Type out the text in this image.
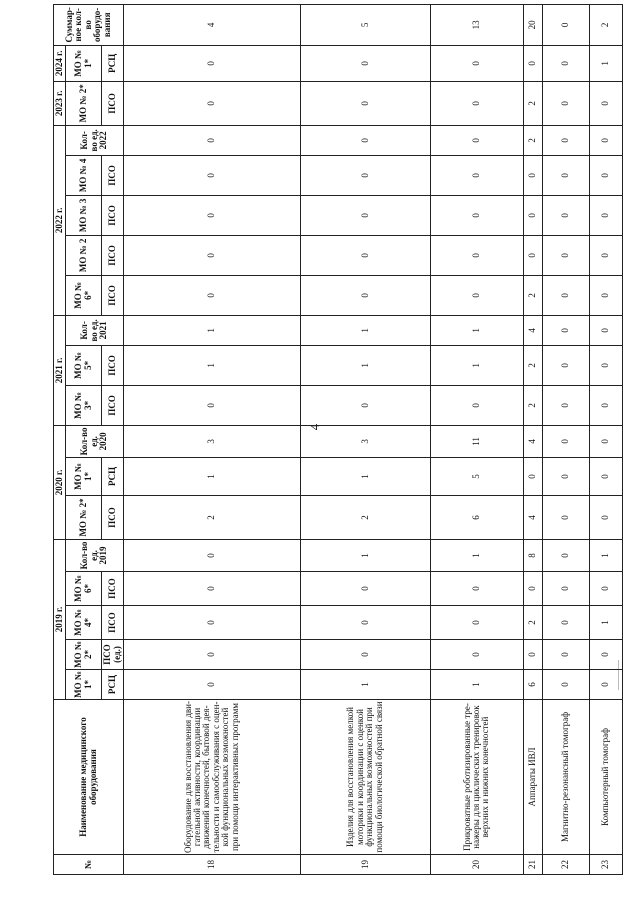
4
№	Наименование медицинского оборудования	2019 г.					2020 г.			2021 г.			2022 г.					2023 г.	2024 г.	Суммарное кол-во оборудования
		МО № 1*	МО № 2*	МО № 4*	МО № 6*	Кол-во ед. 2019	МО № 2*	МО № 1*	Кол-во ед. 2020	МО № 3*	МО № 5*	Кол-во ед. 2021	МО № 6*	МО № 2	МО № 3	МО № 4	Кол-во ед. 2022	МО № 2*	МО № 1*	
		РСЦ	ПСО (ед.)	ПСО	ПСО		ПСО	РСЦ		ПСО	ПСО		ПСО	ПСО	ПСО	ПСО		ПСО	РСЦ	
18	Оборудование для восстановления двигательной активности, координации движений конечностей, бытовой деятельности и самообслуживания с оценкой функциональных возможностей при помощи интерактивных программ	0	0	0	0	0	2	1	3	0	1	1	0	0	0	0	0	0	0	4
19	Изделия для восстановления мелкой моторики и координации с оценкой функциональных возможностей при помощи биологической обратной связи	1	0	0	0	1	2	1	3	0	1	1	0	0	0	0	0	0	0	5
20	Прикроватные роботизированные тренажеры для циклических тренировок верхних и нижних конечностей	1	0	0	0	1	6	5	11	0	1	1	0	0	0	0	0	0	0	13
21	Аппараты ИВЛ	6	0	2	0	8	4	0	4	2	2	4	2	0	0	0	2	2	0	20
22	Магнитно-резонансный томограф	0	0	0	0	0	0	0	0	0	0	0	0	0	0	0	0	0	0	0
23	Компьютерный томограф	0	0	1	0	1	0	0	0	0	0	0	0	0	0	0	0	0	1	2
